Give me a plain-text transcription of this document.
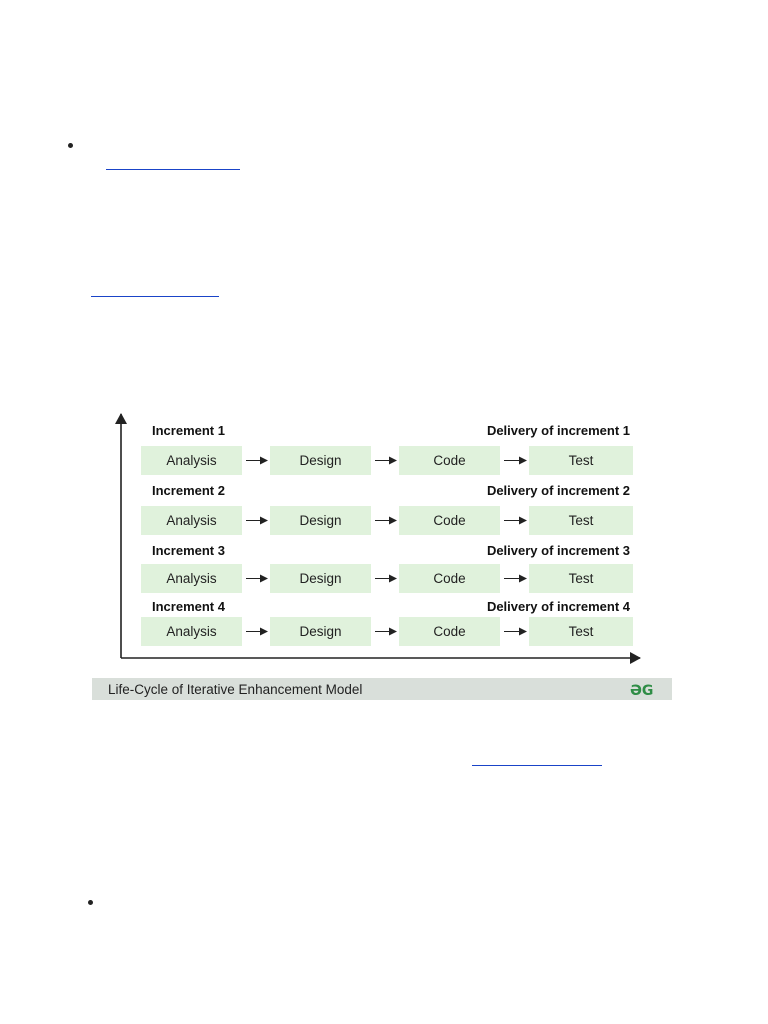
Increment 1	Delivery of increment 1
Analysis	Design	Code	Test
Increment 2	Delivery of increment 2
Analysis	Design	Code	Test
Increment 3	Delivery of increment 3
Analysis	Design	Code	Test
Increment 4	Delivery of increment 4
Analysis	Design	Code	Test
Life-Cycle of Iterative Enhancement Model	ƏG
